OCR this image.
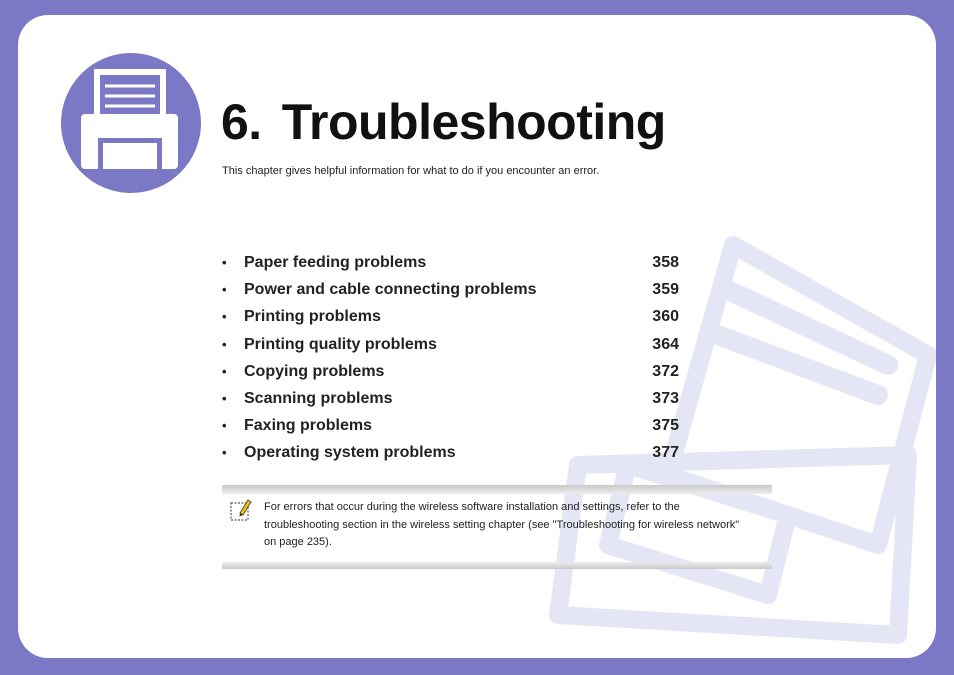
6. Troubleshooting

This chapter gives helpful information for what to do if you encounter an error.

• Paper feeding problems	358
• Power and cable connecting problems	359
• Printing problems	360
• Printing quality problems	364
• Copying problems	372
• Scanning problems	373
• Faxing problems	375
• Operating system problems	377

For errors that occur during the wireless software installation and settings, refer to the troubleshooting section in the wireless setting chapter (see "Troubleshooting for wireless network" on page 235).
